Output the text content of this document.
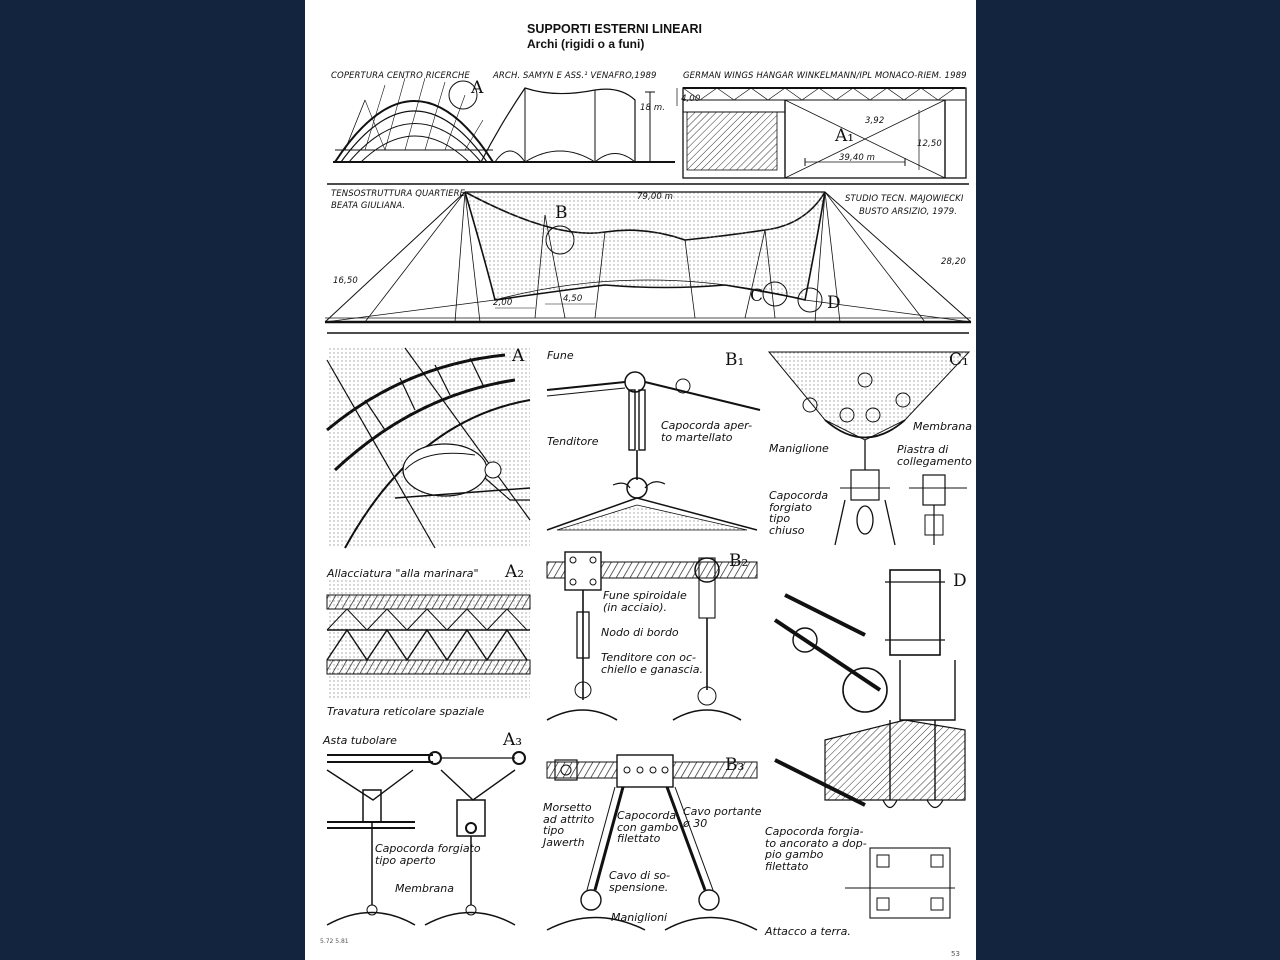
SUPPORTI ESTERNI LINEARI
Archi (rigidi o a funi)
COPERTURA CENTRO RICERCHE	ARCH. SAMYN E ASS.¹ VENAFRO,1989	GERMAN WINGS HANGAR WINKELMANN/IPL MONACO-RIEM. 1989
A
18 m.
4,00
3,92
A₁	12,50
39,40 m
TENSOSTRUTTURA QUARTIERE
BEATA GIULIANA.
STUDIO TECN. MAJOWIECKI
BUSTO ARSIZIO, 1979.
79,00 m
16,50
28,20
2,00	4,50
B
C	D
A Fune
Tenditore
Capocorda aper-
to martellato
B₁	C₁
Maniglione
Membrana
Piastra di
collegamento
Capocorda
forgiato
tipo
chiuso
Allacciatura "alla marinara" A₂
Travatura reticolare spaziale
B₂
Fune spiroidale
(in acciaio).
Nodo di bordo
Tenditore con oc-
chiello e ganascia.
D
Capocorda forgia-
to ancorato a dop-
pio gambo
filettato
Attacco a terra.
Asta tubolare	A₃
Capocorda forgiato
tipo aperto
Membrana
B₃
Morsetto
ad attrito
tipo
Jawerth
Capocorda
con gambo
filettato
Cavo portante
ø 30
Cavo di so-
spensione.
Maniglioni
5.72 5.81
53
